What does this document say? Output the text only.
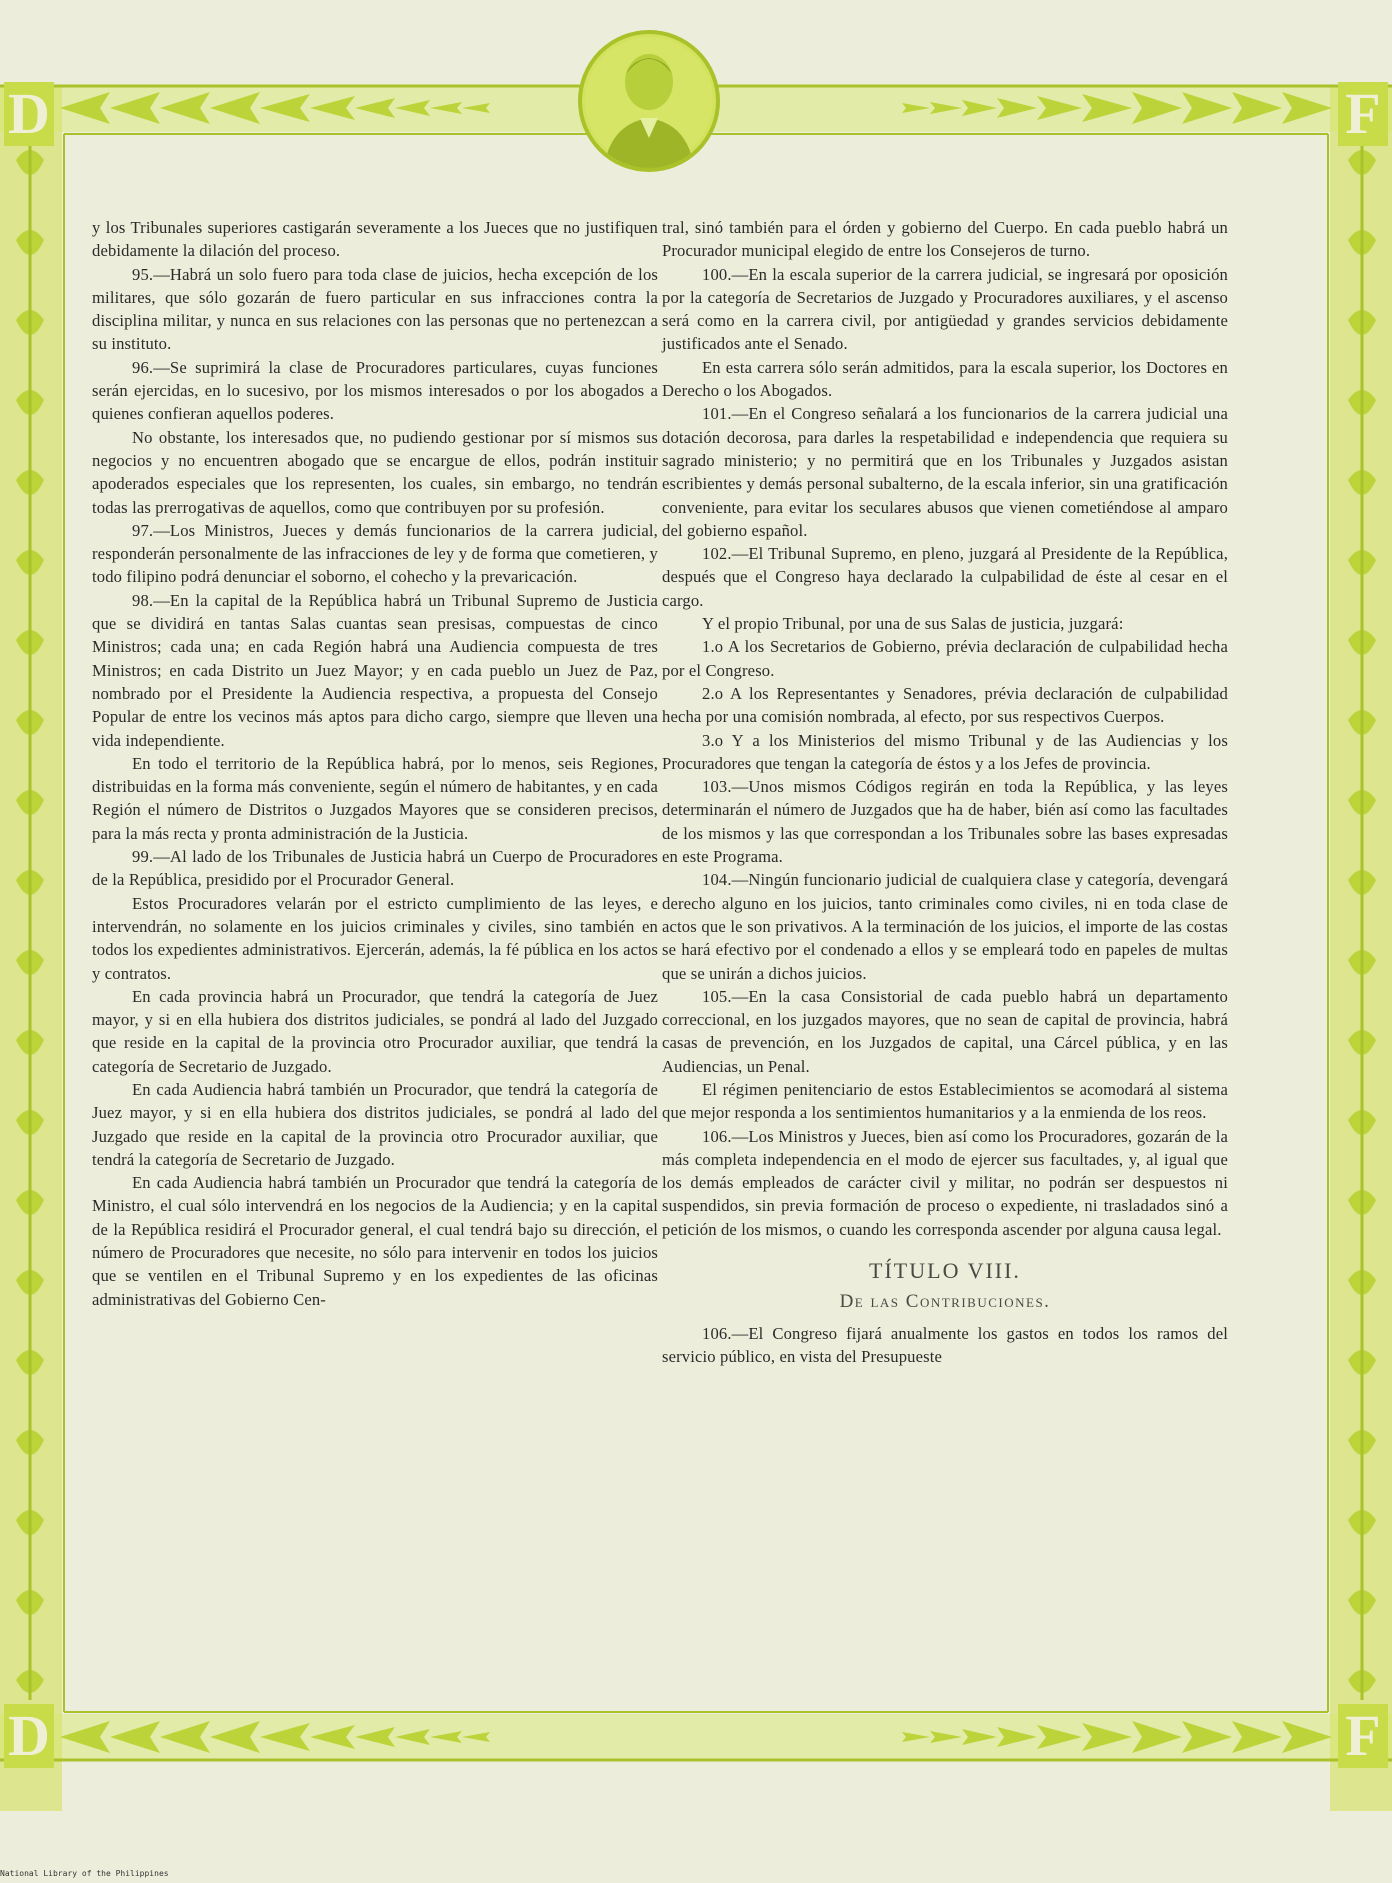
D	F
D	F

y los Tribunales superiores castigarán severamente a los Jueces que no justifiquen debidamente la dilación del proceso.

95.—Habrá un solo fuero para toda clase de juicios, hecha excepción de los militares, que sólo gozarán de fuero particular en sus infracciones contra la disciplina militar, y nunca en sus relaciones con las personas que no pertenezcan a su instituto.

96.—Se suprimirá la clase de Procuradores particulares, cuyas funciones serán ejercidas, en lo sucesivo, por los mismos interesados o por los abogados a quienes confieran aquellos poderes.

No obstante, los interesados que, no pudiendo gestionar por sí mismos sus negocios y no encuentren abogado que se encargue de ellos, podrán instituir apoderados especiales que los representen, los cuales, sin embargo, no tendrán todas las prerrogativas de aquellos, como que contribuyen por su profesión.

97.—Los Ministros, Jueces y demás funcionarios de la carrera judicial, responderán personalmente de las infracciones de ley y de forma que cometieren, y todo filipino podrá denunciar el soborno, el cohecho y la prevaricación.

98.—En la capital de la República habrá un Tribunal Supremo de Justicia que se dividirá en tantas Salas cuantas sean presisas, compuestas de cinco Ministros; cada una; en cada Región habrá una Audiencia compuesta de tres Ministros; en cada Distrito un Juez Mayor; y en cada pueblo un Juez de Paz, nombrado por el Presidente la Audiencia respectiva, a propuesta del Consejo Popular de entre los vecinos más aptos para dicho cargo, siempre que lleven una vida independiente.

En todo el territorio de la República habrá, por lo menos, seis Regiones, distribuidas en la forma más conveniente, según el número de habitantes, y en cada Región el número de Distritos o Juzgados Mayores que se consideren precisos, para la más recta y pronta administración de la Justicia.

99.—Al lado de los Tribunales de Justicia habrá un Cuerpo de Procuradores de la República, presidido por el Procurador General.

Estos Procuradores velarán por el estricto cumplimiento de las leyes, e intervendrán, no solamente en los juicios criminales y civiles, sino también en todos los expedientes administrativos. Ejercerán, además, la fé pública en los actos y contratos.

En cada provincia habrá un Procurador, que tendrá la categoría de Juez mayor, y si en ella hubiera dos distritos judiciales, se pondrá al lado del Juzgado que reside en la capital de la provincia otro Procurador auxiliar, que tendrá la categoría de Secretario de Juzgado.

En cada Audiencia habrá también un Procurador, que tendrá la categoría de Juez mayor, y si en ella hubiera dos distritos judiciales, se pondrá al lado del Juzgado que reside en la capital de la provincia otro Procurador auxiliar, que tendrá la categoría de Secretario de Juzgado.

En cada Audiencia habrá también un Procurador que tendrá la categoría de Ministro, el cual sólo intervendrá en los negocios de la Audiencia; y en la capital de la República residirá el Procurador general, el cual tendrá bajo su dirección, el número de Procuradores que necesite, no sólo para intervenir en todos los juicios que se ventilen en el Tribunal Supremo y en los expedientes de las oficinas administrativas del Gobierno Cen-

tral, sinó también para el órden y gobierno del Cuerpo. En cada pueblo habrá un Procurador municipal elegido de entre los Consejeros de turno.

100.—En la escala superior de la carrera judicial, se ingresará por oposición por la categoría de Secretarios de Juzgado y Procuradores auxiliares, y el ascenso será como en la carrera civil, por antigüedad y grandes servicios debidamente justificados ante el Senado.

En esta carrera sólo serán admitidos, para la escala superior, los Doctores en Derecho o los Abogados.

101.—En el Congreso señalará a los funcionarios de la carrera judicial una dotación decorosa, para darles la respetabilidad e independencia que requiera su sagrado ministerio; y no permitirá que en los Tribunales y Juzgados asistan escribientes y demás personal subalterno, de la escala inferior, sin una gratificación conveniente, para evitar los seculares abusos que vienen cometiéndose al amparo del gobierno español.

102.—El Tribunal Supremo, en pleno, juzgará al Presidente de la República, después que el Congreso haya declarado la culpabilidad de éste al cesar en el cargo.

Y el propio Tribunal, por una de sus Salas de justicia, juzgará:

1.o A los Secretarios de Gobierno, prévia declaración de culpabilidad hecha por el Congreso.

2.o A los Representantes y Senadores, prévia declaración de culpabilidad hecha por una comisión nombrada, al efecto, por sus respectivos Cuerpos.

3.o Y a los Ministerios del mismo Tribunal y de las Audiencias y los Procuradores que tengan la categoría de éstos y a los Jefes de provincia.

103.—Unos mismos Códigos regirán en toda la República, y las leyes determinarán el número de Juzgados que ha de haber, bién así como las facultades de los mismos y las que correspondan a los Tribunales sobre las bases expresadas en este Programa.

104.—Ningún funcionario judicial de cualquiera clase y categoría, devengará derecho alguno en los juicios, tanto criminales como civiles, ni en toda clase de actos que le son privativos. A la terminación de los juicios, el importe de las costas se hará efectivo por el condenado a ellos y se empleará todo en papeles de multas que se unirán a dichos juicios.

105.—En la casa Consistorial de cada pueblo habrá un departamento correccional, en los juzgados mayores, que no sean de capital de provincia, habrá casas de prevención, en los Juzgados de capital, una Cárcel pública, y en las Audiencias, un Penal.

El régimen penitenciario de estos Establecimientos se acomodará al sistema que mejor responda a los sentimientos humanitarios y a la enmienda de los reos.

106.—Los Ministros y Jueces, bien así como los Procuradores, gozarán de la más completa independencia en el modo de ejercer sus facultades, y, al igual que los demás empleados de carácter civil y militar, no podrán ser despuestos ni suspendidos, sin previa formación de proceso o expediente, ni trasladados sinó a petición de los mismos, o cuando les corresponda ascender por alguna causa legal.

TÍTULO VIII.

De las Contribuciones.

106.—El Congreso fijará anualmente los gastos en todos los ramos del servicio público, en vista del Presupueste

National Library of the Philippines
